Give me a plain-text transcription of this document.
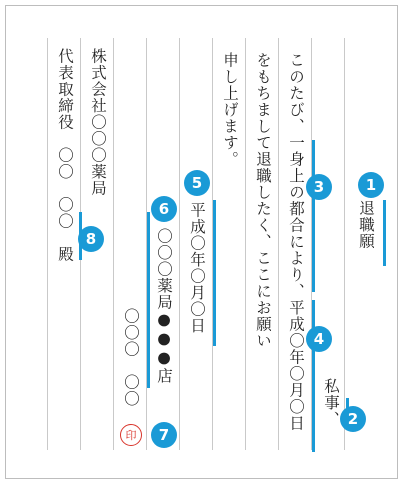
退職願
私事、
このたび、一身上の都合により、平成〇年〇月〇日
をもちまして退職したく、ここにお願い
申し上げます。
平成〇年〇月〇日
〇〇〇薬局●●●店
〇〇〇　〇〇
印
株式会社〇〇〇薬局
代表取締役　〇〇　〇〇　殿	1
2
3
4
5
6
7
8
